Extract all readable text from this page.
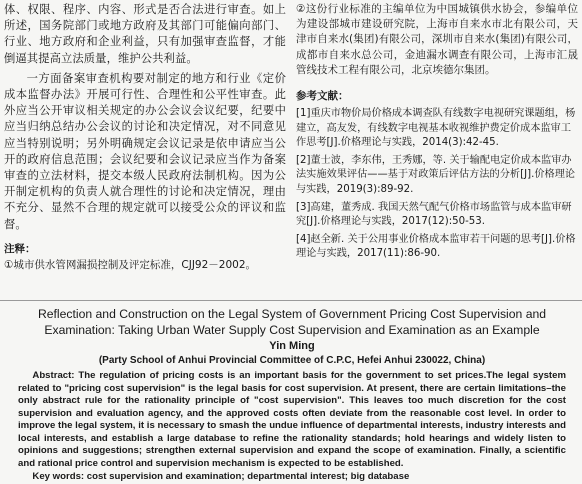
体、权限、程序、内容、形式是否合法进行审查。如上所述，国务院部门或地方政府及其部门可能偏向部门、行业、地方政府和企业利益，只有加强审查监督，才能倒逼其提高立法质量，维护公共利益。

一方面备案审查机构要对制定的地方和行业《定价成本监督办法》开展可行性、合理性和公平性审查。此外应当公开审议相关规定的办公会议会议纪要，纪要中应当归纳总结办公会议的讨论和决定情况，对不同意见应当特别说明；另外明确规定会议记录是依申请应当公开的政府信息范围；会议纪要和会议记录应当作为备案审查的立法材料，提交本级人民政府法制机构。因为公开制定机构的负责人就合理性的讨论和决定情况，理由不充分、显然不合理的规定就可以接受公众的评议和监督。

注释：

①城市供水管网漏损控制及评定标准，CJJ92－2002。

②这份行业标准的主编单位为中国城镇供水协会，参编单位为建设部城市建设研究院，上海市自来水市北有限公司，天津市自来水(集团)有限公司，深圳市自来水(集团)有限公司，成都市自来水总公司，金迪漏水调查有限公司，上海市汇晟管线技术工程有限公司，北京埃德尔集团。

参考文献：

[1]重庆市物价局价格成本调查队有线数字电视研究课题组，杨建立，高友发，有线数字电视基本收视维护费定价成本监审工作思考[J].价格理论与实践，2014(3):42-45.

[2]董士波，李东伟，王秀娜，等. 关于输配电定价成本监审办法实施效果评估——基于对政策后评估方法的分析[J].价格理论与实践，2019(3):89-92.

[3]高建，董秀成. 我国天然气配气价格市场监管与成本监审研究[J].价格理论与实践，2017(12):50-53.

[4]赵全新. 关于公用事业价格成本监审若干问题的思考[J].价格理论与实践，2017(11):86-90.

Reflection and Construction on the Legal System of Government Pricing Cost Supervision and

Examination: Taking Urban Water Supply Cost Supervision and Examination as an Example

Yin Ming

(Party School of Anhui Provincial Committee of C.P.C, Hefei Anhui 230022, China)

Abstract: The regulation of pricing costs is an important basis for the government to set prices.The legal system related to "pricing cost supervision" is the legal basis for cost supervision. At present, there are certain limitations–the only abstract rule for the rationality principle of "cost supervision". This leaves too much discretion for the cost supervision and evaluation agency, and the approved costs often deviate from the reasonable cost level. In order to improve the legal system, it is necessary to smash the undue influence of departmental interests, industry interests and local interests, and establish a large database to refine the rationality standards; hold hearings and widely listen to opinions and suggestions; strengthen external supervision and expand the scope of examination. Finally, a scientific and rational price control and supervision mechanism is expected to be established.

Key words: cost supervision and examination; departmental interest; big database
